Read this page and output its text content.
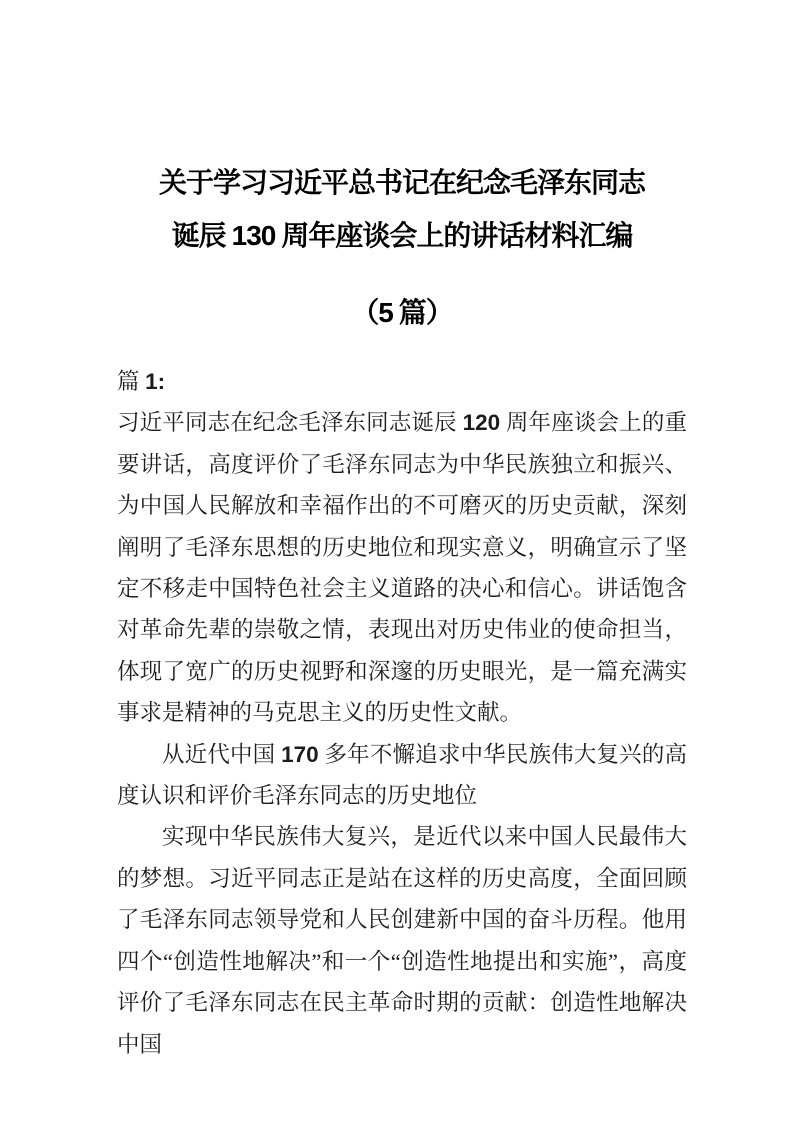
关于学习习近平总书记在纪念毛泽东同志
诞辰 130 周年座谈会上的讲话材料汇编
（5 篇）

篇 1:

习近平同志在纪念毛泽东同志诞辰 120 周年座谈会上的重要讲话，高度评价了毛泽东同志为中华民族独立和振兴、为中国人民解放和幸福作出的不可磨灭的历史贡献，深刻阐明了毛泽东思想的历史地位和现实意义，明确宣示了坚定不移走中国特色社会主义道路的决心和信心。讲话饱含对革命先辈的崇敬之情，表现出对历史伟业的使命担当，体现了宽广的历史视野和深邃的历史眼光，是一篇充满实事求是精神的马克思主义的历史性文献。

从近代中国 170 多年不懈追求中华民族伟大复兴的高度认识和评价毛泽东同志的历史地位

实现中华民族伟大复兴，是近代以来中国人民最伟大的梦想。习近平同志正是站在这样的历史高度，全面回顾了毛泽东同志领导党和人民创建新中国的奋斗历程。他用四个“创造性地解决”和一个“创造性地提出和实施”，高度评价了毛泽东同志在民主革命时期的贡献：创造性地解决中国
